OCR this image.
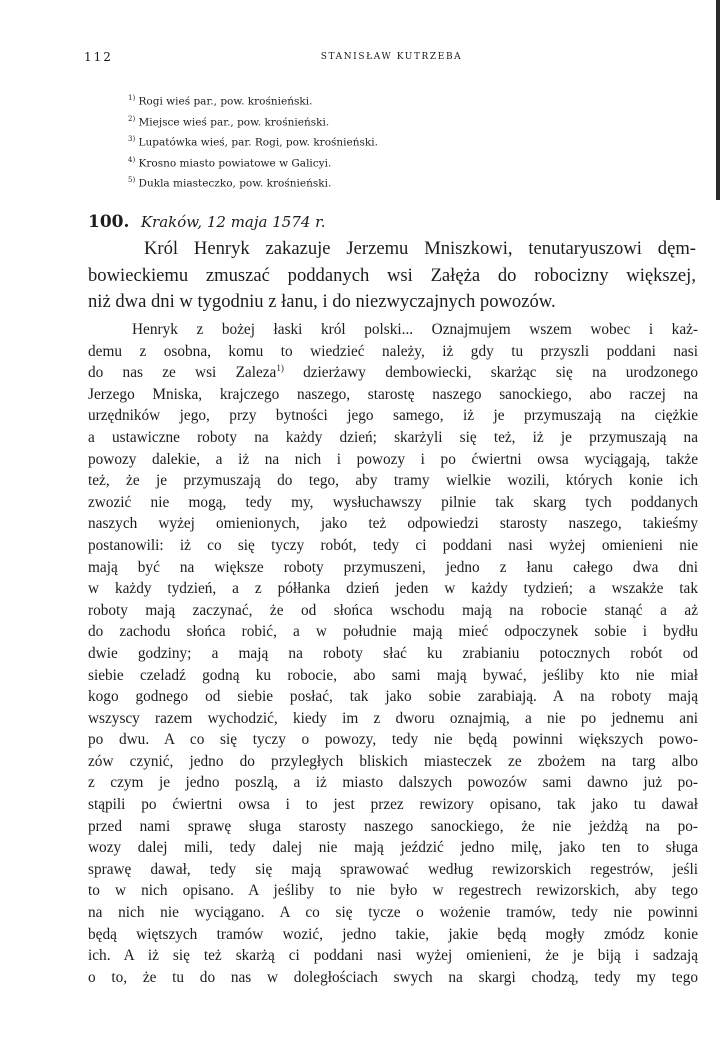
112	STANISŁAW KUTRZEBA
$^{1)}$ Rogi wieś par., pow. krośnieński.
$^{2)}$ Miejsce wieś par., pow. krośnieński.
$^{3)}$ Lupatówka wieś, par. Rogi, pow. krośnieński.
$^{4)}$ Krosno miasto powiatowe w Galicyi.
$^{5)}$ Dukla miasteczko, pow. krośnieński.
100. Kraków, 12 maja 1574 r.
Król Henryk zakazuje Jerzemu Mniszkowi, tenutaryuszowi dęm-
bowieckiemu zmuszać poddanych wsi Załęża do robocizny większej,
niż dwa dni w tygodniu z łanu, i do niezwyczajnych powozów.
Henryk z bożej łaski król polski... Oznajmujem wszem wobec i każ-
demu z osobna, komu to wiedzieć należy, iż gdy tu przyszli poddani nasi
do nas ze wsi Zaleza$^{1)}$ dzierżawy dembowiecki, skarżąc się na urodzonego
Jerzego Mniska, krajczego naszego, starostę naszego sanockiego, abo raczej na
urzędników jego, przy bytności jego samego, iż je przymuszają na ciężkie
a ustawiczne roboty na każdy dzień; skarżyli się też, iż je przymuszają na
powozy dalekie, a iż na nich i powozy i po ćwiertni owsa wyciągają, także
też, że je przymuszają do tego, aby tramy wielkie wozili, których konie ich
zwozić nie mogą, tedy my, wysłuchawszy pilnie tak skarg tych poddanych
naszych wyżej omienionych, jako też odpowiedzi starosty naszego, takieśmy
postanowili: iż co się tyczy robót, tedy ci poddani nasi wyżej omienieni nie
mają być na większe roboty przymuszeni, jedno z łanu całego dwa dni
w każdy tydzień, a z półłanka dzień jeden w każdy tydzień; a wszakże tak
roboty mają zaczynać, że od słońca wschodu mają na robocie stanąć a aż
do zachodu słońca robić, a w południe mają mieć odpoczynek sobie i bydłu
dwie godziny; a mają na roboty słać ku zrabianiu potocznych robót od
siebie czeladź godną ku robocie, abo sami mają bywać, jeśliby kto nie miał
kogo godnego od siebie posłać, tak jako sobie zarabiają. A na roboty mają
wszyscy razem wychodzić, kiedy im z dworu oznajmią, a nie po jednemu ani
po dwu. A co się tyczy o powozy, tedy nie będą powinni większych powo-
zów czynić, jedno do przyległych bliskich miasteczek ze zbożem na targ albo
z czym je jedno poszlą, a iż miasto dalszych powozów sami dawno już po-
stąpili po ćwiertni owsa i to jest przez rewizory opisano, tak jako tu dawał
przed nami sprawę sługa starosty naszego sanockiego, że nie jeżdżą na po-
wozy dalej mili, tedy dalej nie mają jeździć jedno milę, jako ten to sługa
sprawę dawał, tedy się mają sprawować według rewizorskich regestrów, jeśli
to w nich opisano. A jeśliby to nie było w regestrech rewizorskich, aby tego
na nich nie wyciągano. A co się tycze o wożenie tramów, tedy nie powinni
będą więtszych tramów wozić, jedno takie, jakie będą mogły zmódz konie
ich. A iż się też skarżą ci poddani nasi wyżej omienieni, że je biją i sadzają
o to, że tu do nas w doległościach swych na skargi chodzą, tedy my tego
